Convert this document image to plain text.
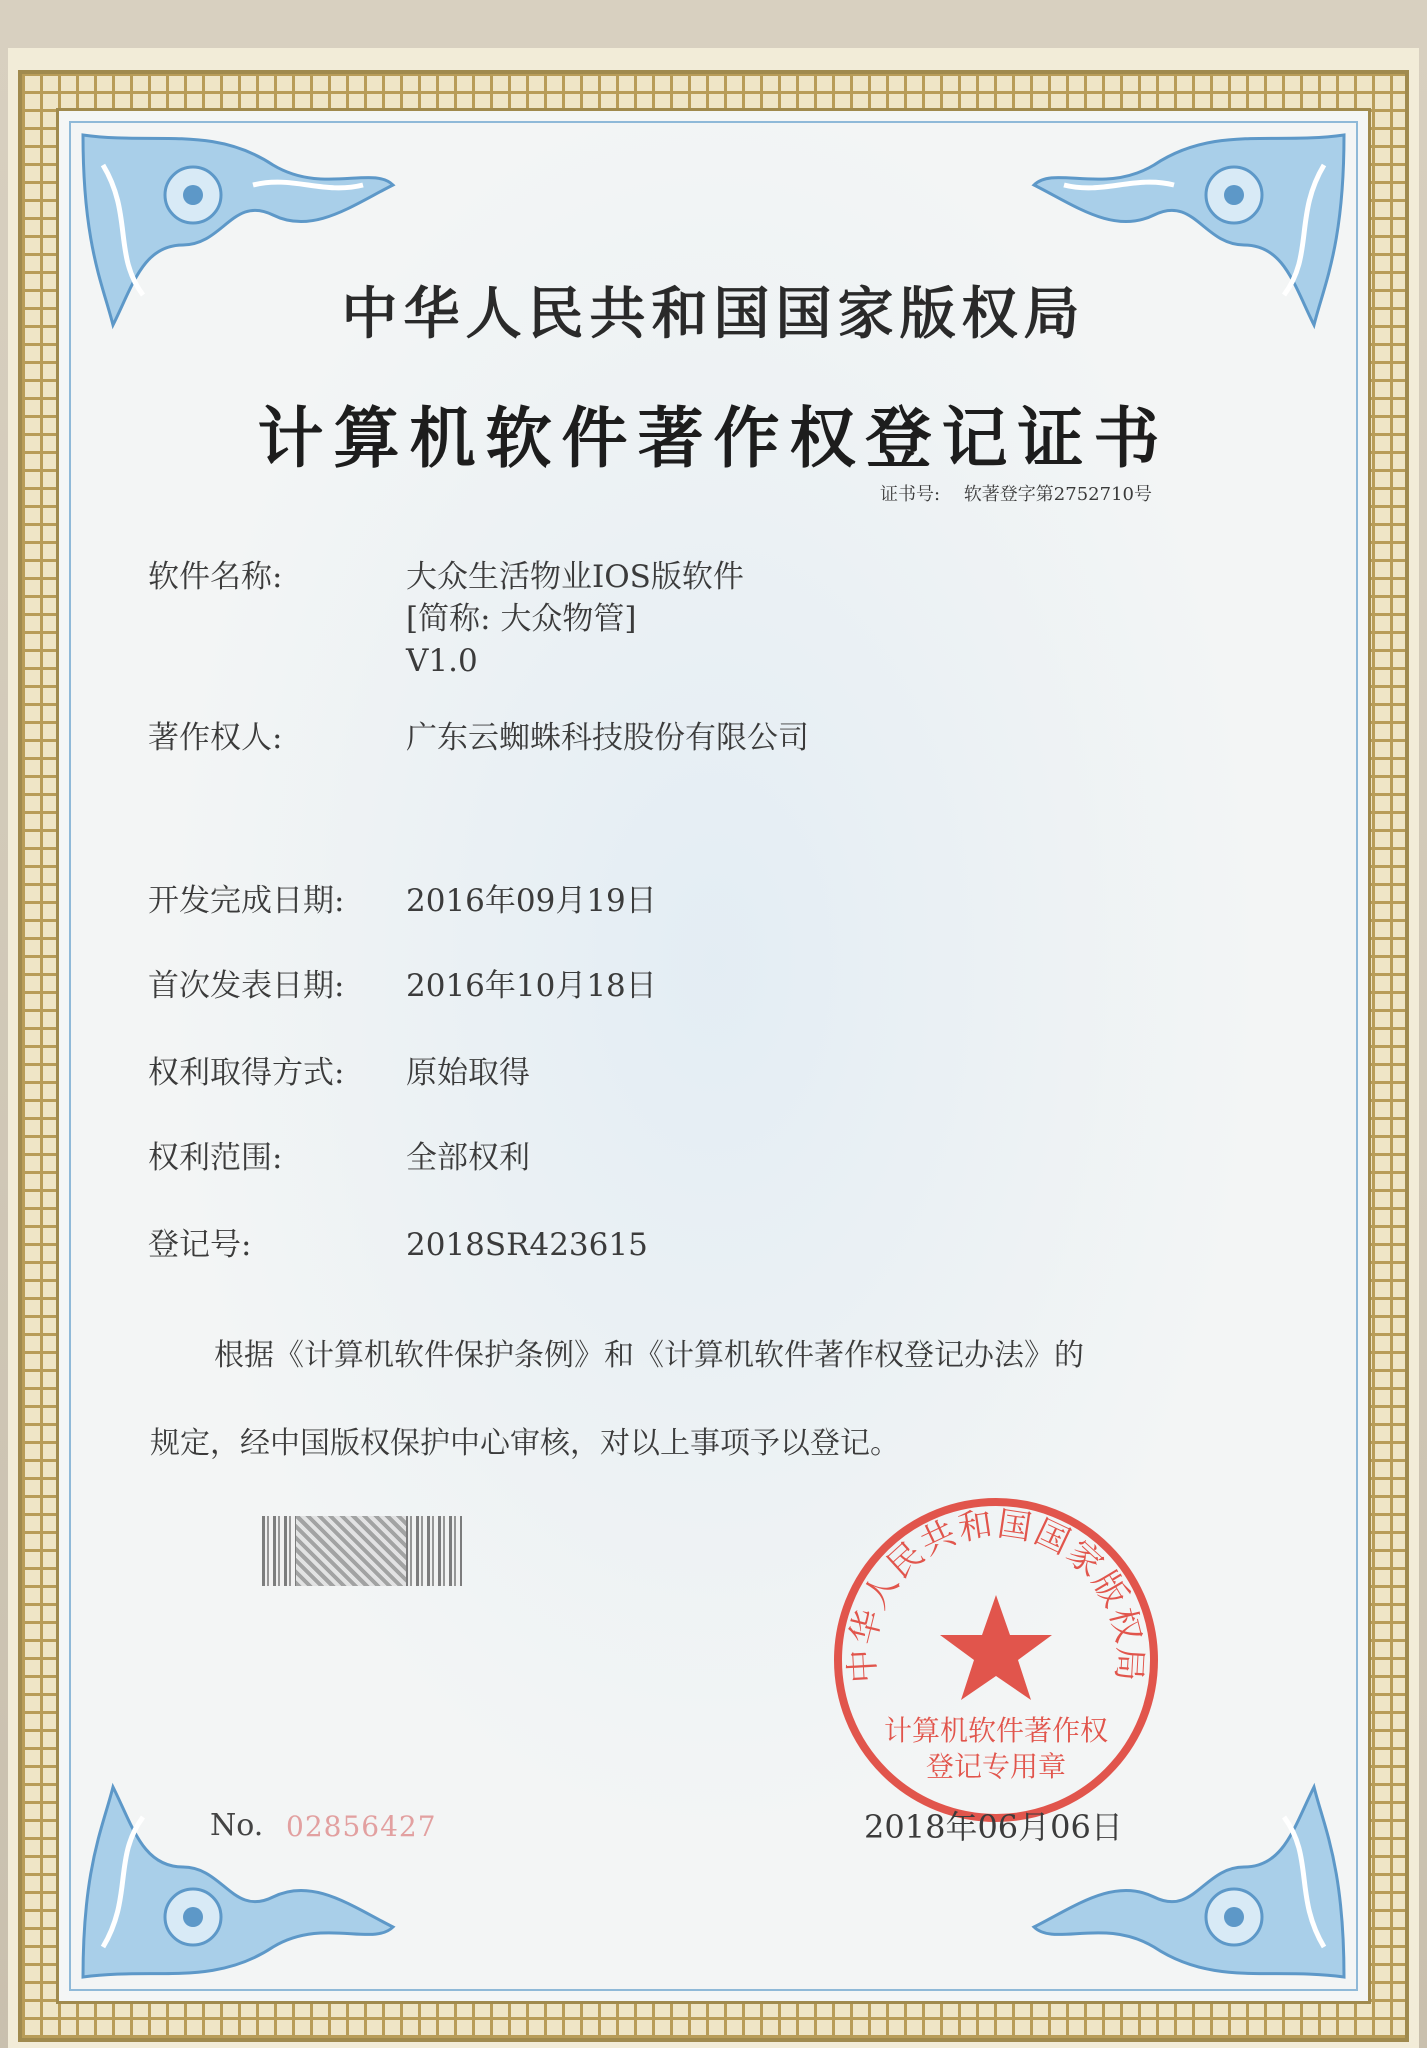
中华人民共和国国家版权局
计算机软件著作权登记证书
证书号: 软著登字第2752710号
软件名称:	大众生活物业IOS版软件
[简称: 大众物管]
V1.0
著作权人:	广东云蜘蛛科技股份有限公司
开发完成日期:	2016年09月19日
首次发表日期:	2016年10月18日
权利取得方式:	原始取得
权利范围:	全部权利
登记号:	2018SR423615
根据《计算机软件保护条例》和《计算机软件著作权登记办法》的
规定，经中国版权保护中心审核，对以上事项予以登记。
中华人民共和国国家版权局
计算机软件著作权
登记专用章
No. 02856427	2018年06月06日
